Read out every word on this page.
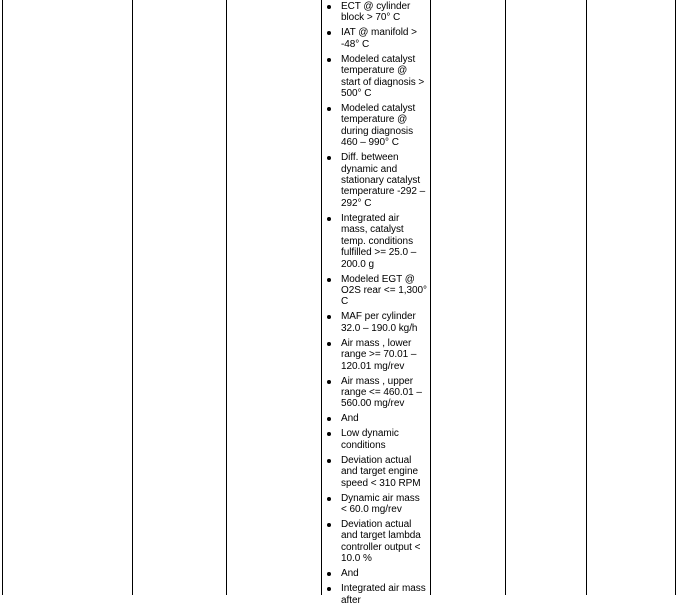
ECT @ cylinder block > 70° C
IAT @ manifold > -48° C
Modeled catalyst temperature @ start of diagnosis > 500° C
Modeled catalyst temperature @ during diagnosis 460 – 990° C
Diff. between dynamic and stationary catalyst temperature -292 – 292° C
Integrated air mass, catalyst temp. conditions fulfilled >= 25.0 – 200.0 g
Modeled EGT @ O2S rear <= 1,300° C
MAF per cylinder 32.0 – 190.0 kg/h
Air mass , lower range >= 70.01 – 120.01 mg/rev
Air mass , upper range <= 460.01 – 560.00 mg/rev
And
Low dynamic conditions
Deviation actual and target engine speed < 310 RPM
Dynamic air mass < 60.0 mg/rev
Deviation actual and target lambda controller output < 10.0 %
And
Integrated air mass after
